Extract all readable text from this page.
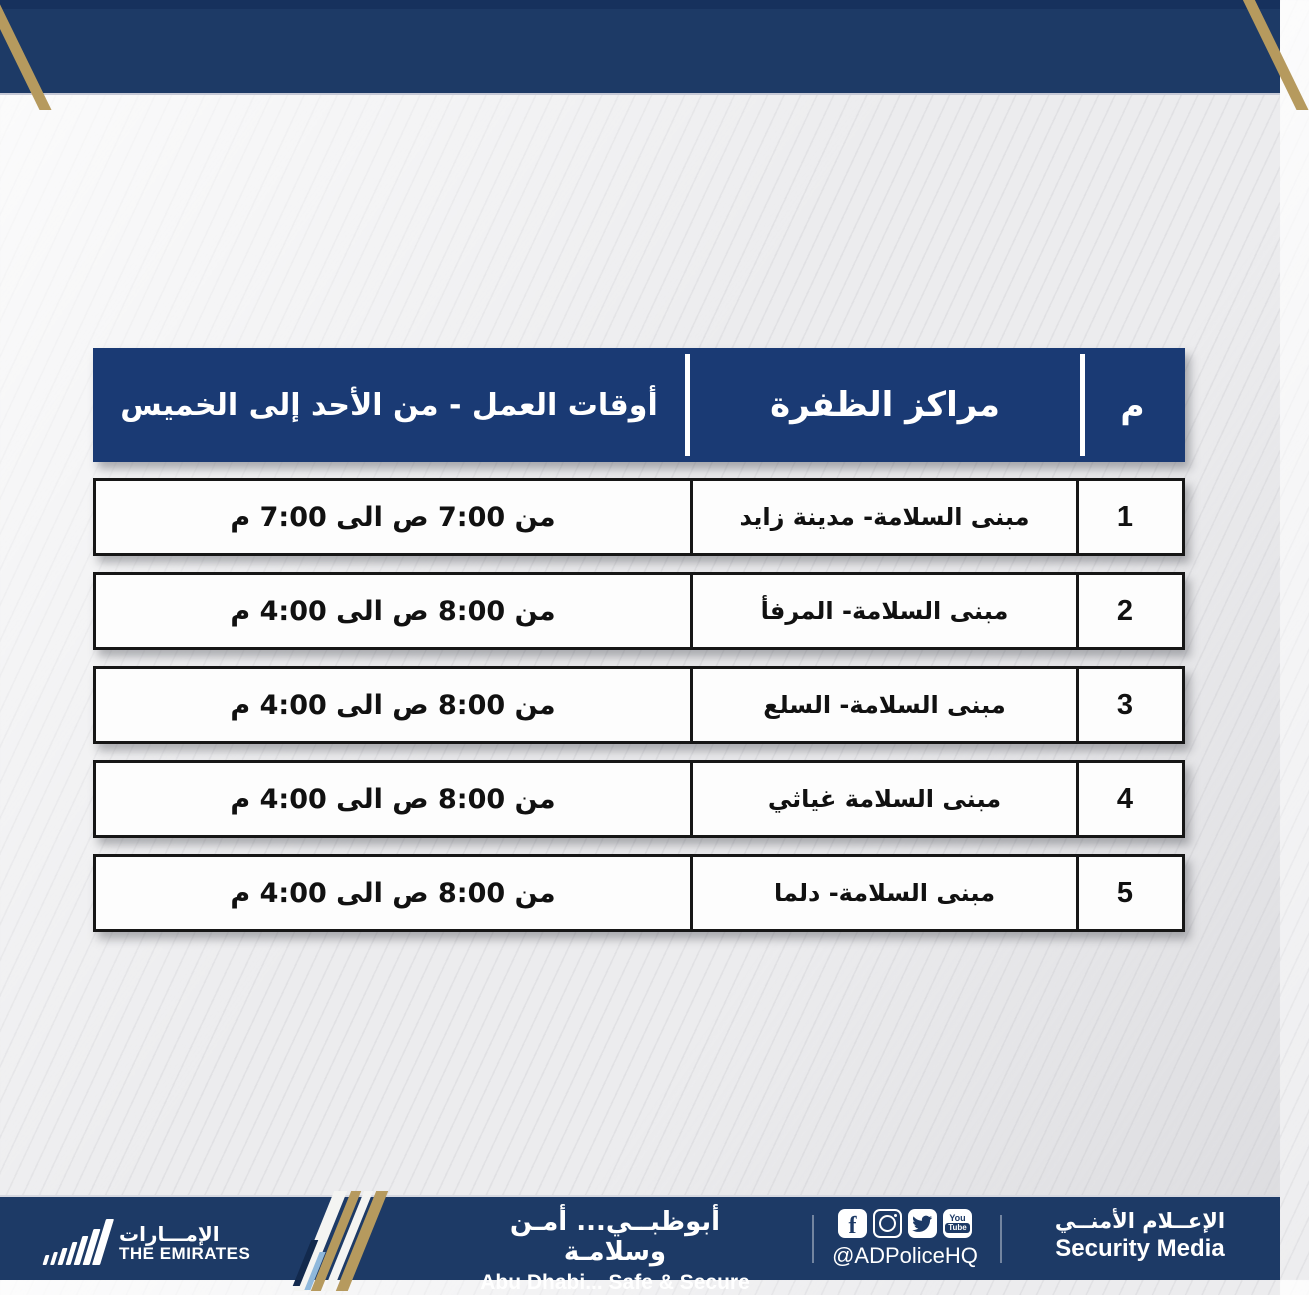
أوقات العمل - من الأحد إلى الخميس	مراكز الظفرة	م
من 7:00 ص الى 7:00 م	مبنى السلامة- مدينة زايد	1
من 8:00 ص الى 4:00 م	مبنى السلامة- المرفأ	2
من 8:00 ص الى 4:00 م	مبنى السلامة- السلع	3
من 8:00 ص الى 4:00 م	مبنى السلامة غياثي	4
من 8:00 ص الى 4:00 م	مبنى السلامة- دلما	5
الإمـــارات
THE EMIRATES
أبوظبــي... أمـن وسلامـة
Abu Dhabi... Safe & Secure
f	You
Tube
@ADPoliceHQ
الإعــلام الأمنــي
Security Media
